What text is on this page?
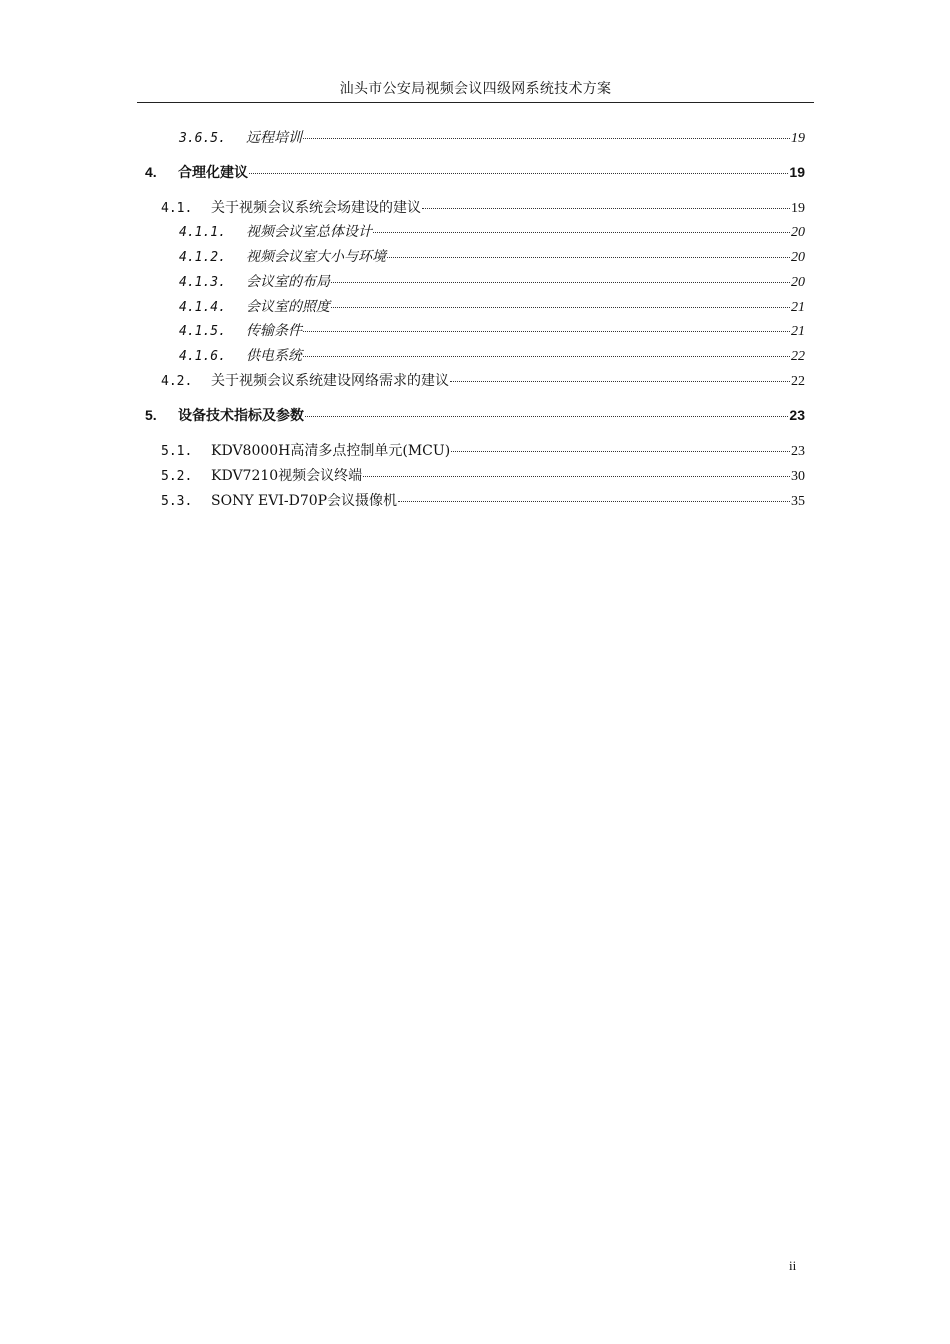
汕头市公安局视频会议四级网系统技术方案
3.6.5.	远程培训	19
4.	合理化建议	19
4.1.	关于视频会议系统会场建设的建议	19
4.1.1.	视频会议室总体设计	20
4.1.2.	视频会议室大小与环境	20
4.1.3.	会议室的布局	20
4.1.4.	会议室的照度	21
4.1.5.	传输条件	21
4.1.6.	供电系统	22
4.2.	关于视频会议系统建设网络需求的建议	22
5.	设备技术指标及参数	23
5.1.	KDV8000H高清多点控制单元(MCU)	23
5.2.	KDV7210视频会议终端	30
5.3.	SONY EVI-D70P会议摄像机	35
ii
